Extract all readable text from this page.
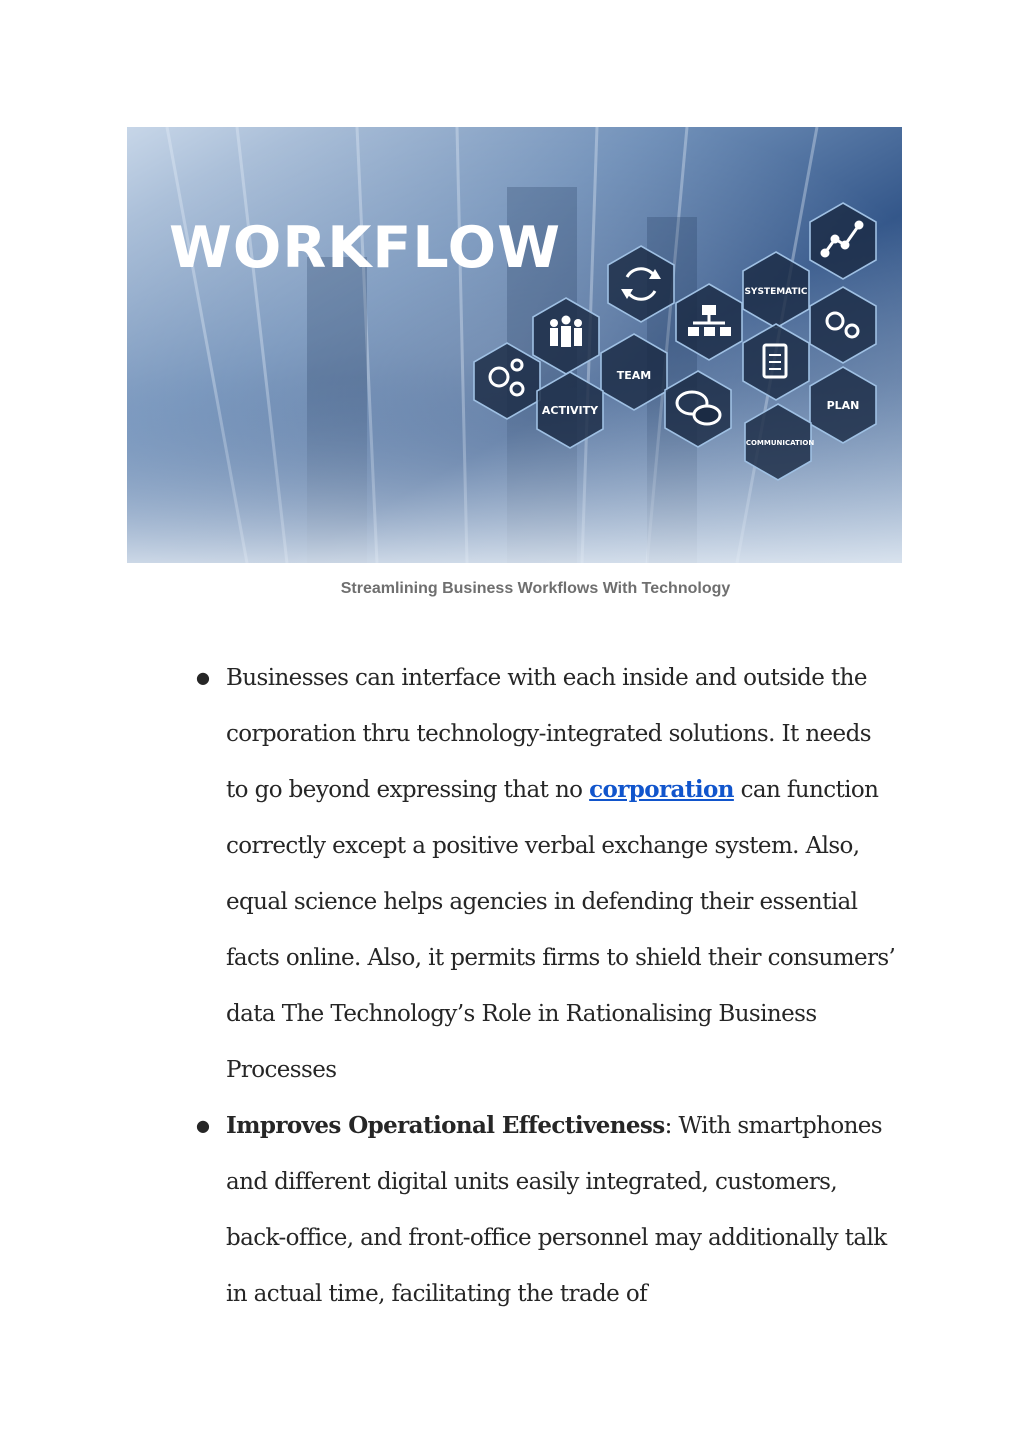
WORKFLOW
SYSTEMATIC
TEAM
ACTIVITY	PLAN
COMMUNICATION
Streamlining Business Workflows With Technology
● Businesses can interface with each inside and outside the corporation thru technology-integrated solutions. It needs to go beyond expressing that no corporation can function correctly except a positive verbal exchange system. Also, equal science helps agencies in defending their essential facts online. Also, it permits firms to shield their consumers’ data The Technology’s Role in Rationalising Business Processes
● Improves Operational Effectiveness: With smartphones and different digital units easily integrated, customers, back-office, and front-office personnel may additionally talk in actual time, facilitating the trade of
